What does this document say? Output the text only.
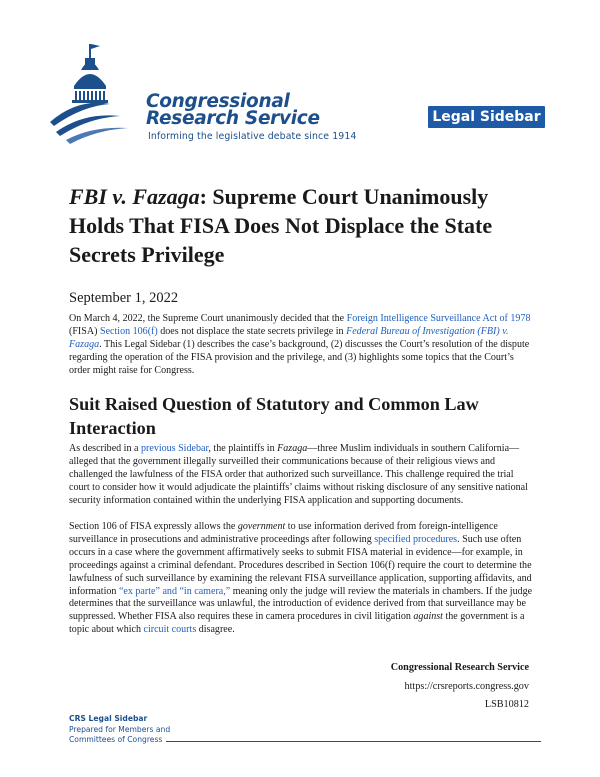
Congressional
Research Service
Informing the legislative debate since 1914
Legal Sidebar
FBI v. Fazaga: Supreme Court Unanimously Holds That FISA Does Not Displace the State Secrets Privilege
September 1, 2022
On March 4, 2022, the Supreme Court unanimously decided that the Foreign Intelligence Surveillance Act of 1978 (FISA) Section 106(f) does not displace the state secrets privilege in Federal Bureau of Investigation (FBI) v. Fazaga. This Legal Sidebar (1) describes the case’s background, (2) discusses the Court’s resolution of the dispute regarding the operation of the FISA provision and the privilege, and (3) highlights some topics that the Court’s order might raise for Congress.
Suit Raised Question of Statutory and Common Law Interaction
As described in a previous Sidebar, the plaintiffs in Fazaga—three Muslim individuals in southern California—alleged that the government illegally surveilled their communications because of their religious views and challenged the lawfulness of the FISA order that authorized such surveillance. This challenge required the trial court to consider how it would adjudicate the plaintiffs’ claims without risking disclosure of any sensitive national security information contained within the underlying FISA application and supporting documents.
Section 106 of FISA expressly allows the government to use information derived from foreign-intelligence surveillance in prosecutions and administrative proceedings after following specified procedures. Such use often occurs in a case where the government affirmatively seeks to submit FISA material in evidence—for example, in proceedings against a criminal defendant. Procedures described in Section 106(f) require the court to determine the lawfulness of such surveillance by examining the relevant FISA surveillance application, supporting affidavits, and information “ex parte” and “in camera,” meaning only the judge will review the materials in chambers. If the judge determines that the surveillance was unlawful, the introduction of evidence derived from that surveillance may be suppressed. Whether FISA also requires these in camera procedures in civil litigation against the government is a topic about which circuit courts disagree.
Congressional Research Service
https://crsreports.congress.gov
LSB10812
CRS Legal Sidebar
Prepared for Members and
Committees of Congress
